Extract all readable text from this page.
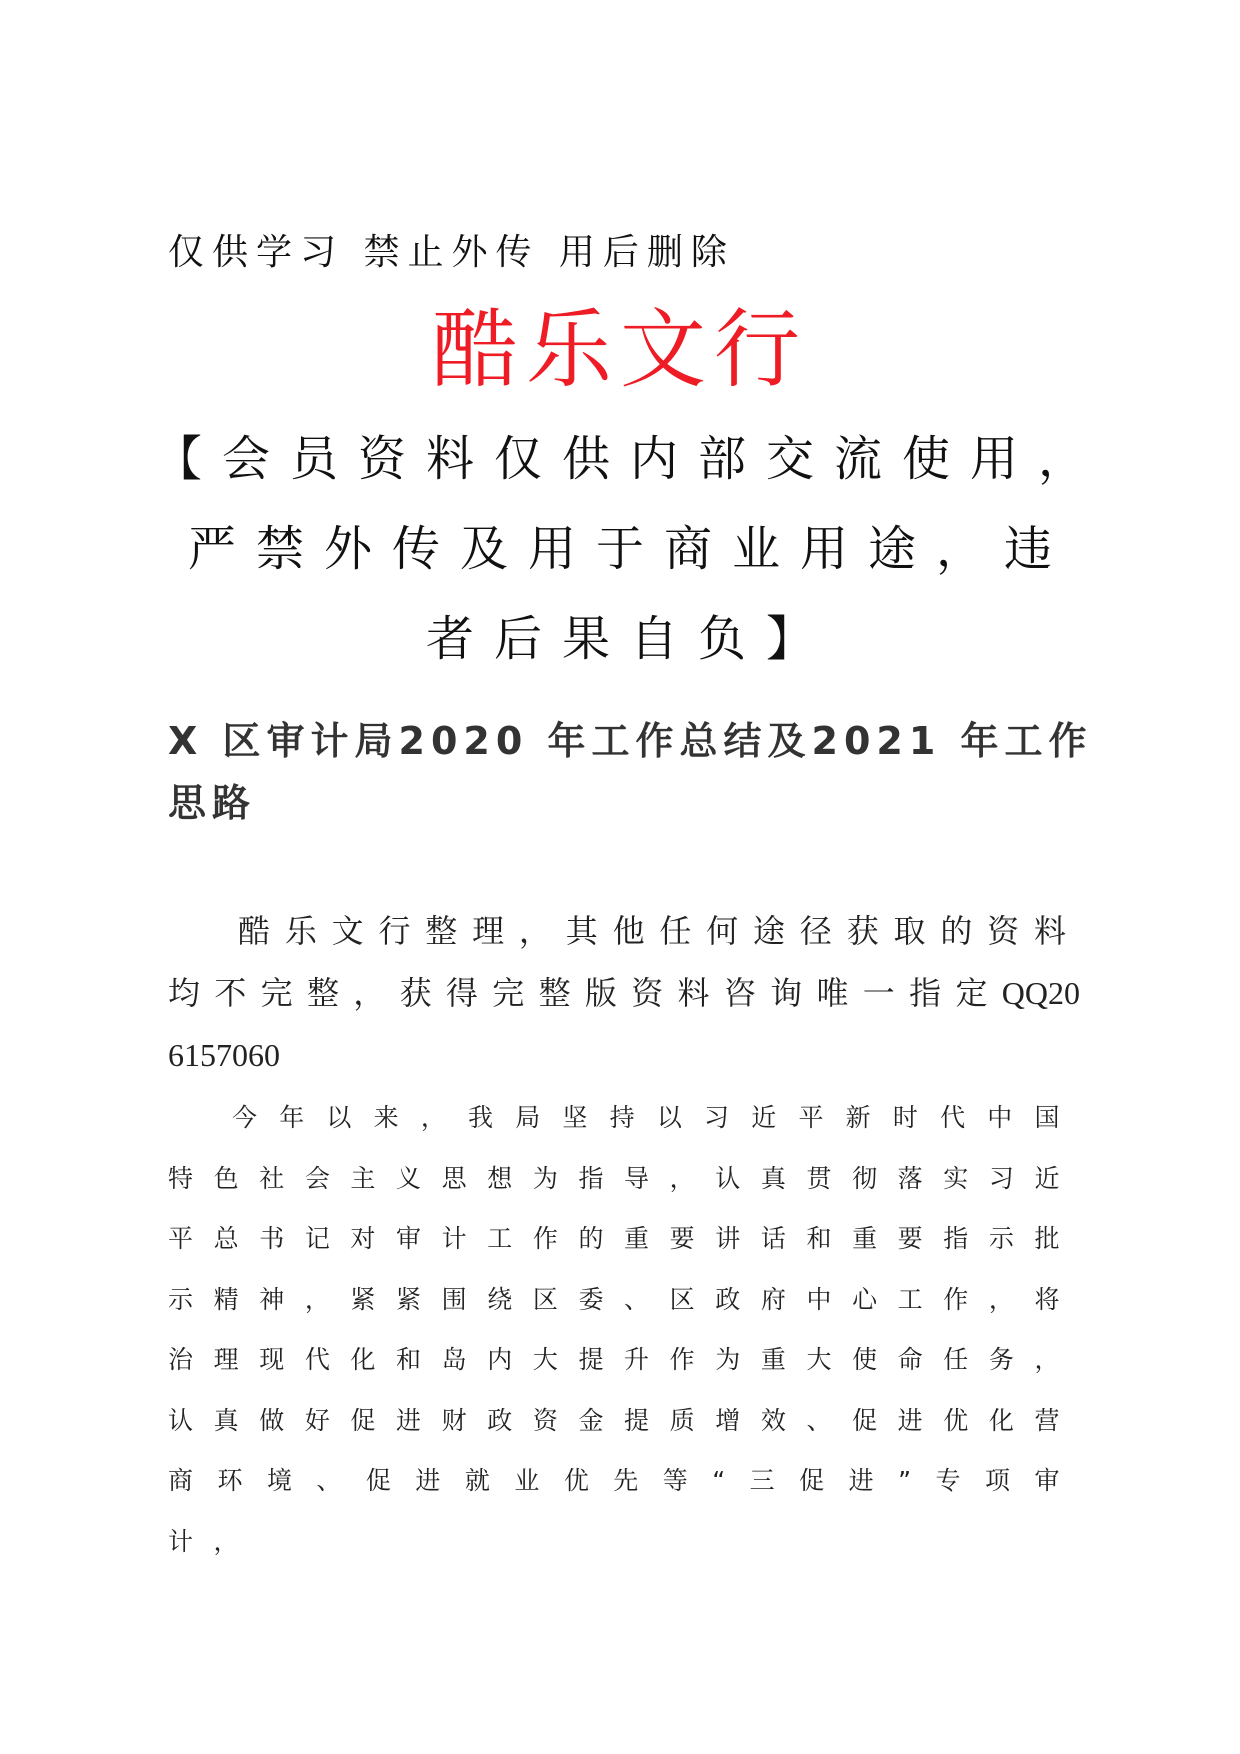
仅供学习 禁止外传 用后删除
酷乐文行
【会员资料仅供内部交流使用，
严禁外传及用于商业用途，违
者后果自负】
X 区审计局2020 年工作总结及2021 年工作思路
酷乐文行整理，其他任何途径获取的资料均不完整，获得完整版资料咨询唯一指定QQ206157060
今年以来，我局坚持以习近平新时代中国特色社会主义思想为指导，认真贯彻落实习近平总书记对审计工作的重要讲话和重要指示批示精神，紧紧围绕区委、区政府中心工作，将治理现代化和岛内大提升作为重大使命任务，认真做好促进财政资金提质增效、促进优化营商环境、促进就业优先等“三促进”专项审计，
